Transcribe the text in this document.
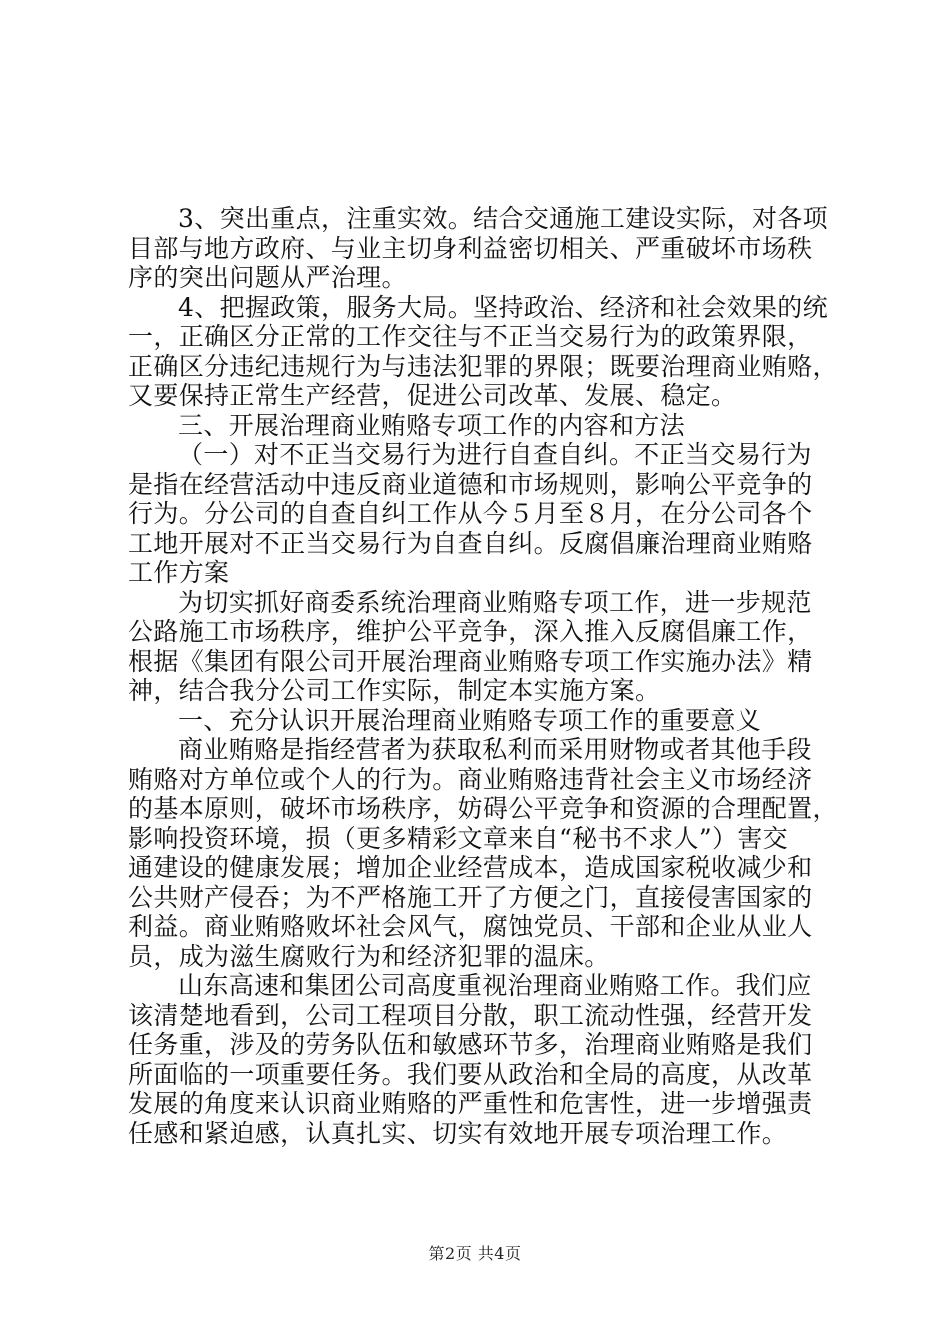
3、突出重点，注重实效。结合交通施工建设实际，对各项
目部与地方政府、与业主切身利益密切相关、严重破坏市场秩
序的突出问题从严治理。
4、把握政策，服务大局。坚持政治、经济和社会效果的统
一，正确区分正常的工作交往与不正当交易行为的政策界限，
正确区分违纪违规行为与违法犯罪的界限；既要治理商业贿赂，
又要保持正常生产经营，促进公司改革、发展、稳定。
三、开展治理商业贿赂专项工作的内容和方法
（一）对不正当交易行为进行自查自纠。不正当交易行为
是指在经营活动中违反商业道德和市场规则，影响公平竞争的
行为。分公司的自查自纠工作从今５月至８月，在分公司各个
工地开展对不正当交易行为自查自纠。反腐倡廉治理商业贿赂
工作方案
为切实抓好商委系统治理商业贿赂专项工作，进一步规范
公路施工市场秩序，维护公平竞争，深入推入反腐倡廉工作，
根据《集团有限公司开展治理商业贿赂专项工作实施办法》精
神，结合我分公司工作实际，制定本实施方案。
一、充分认识开展治理商业贿赂专项工作的重要意义
商业贿赂是指经营者为获取私利而采用财物或者其他手段
贿赂对方单位或个人的行为。商业贿赂违背社会主义市场经济
的基本原则，破坏市场秩序，妨碍公平竞争和资源的合理配置，
影响投资环境，损（更多精彩文章来自“秘书不求人”）害交
通建设的健康发展；增加企业经营成本，造成国家税收减少和
公共财产侵吞；为不严格施工开了方便之门，直接侵害国家的
利益。商业贿赂败坏社会风气，腐蚀党员、干部和企业从业人
员，成为滋生腐败行为和经济犯罪的温床。
山东高速和集团公司高度重视治理商业贿赂工作。我们应
该清楚地看到，公司工程项目分散，职工流动性强，经营开发
任务重，涉及的劳务队伍和敏感环节多，治理商业贿赂是我们
所面临的一项重要任务。我们要从政治和全局的高度，从改革
发展的角度来认识商业贿赂的严重性和危害性，进一步增强责
任感和紧迫感，认真扎实、切实有效地开展专项治理工作。
第2页 共4页
